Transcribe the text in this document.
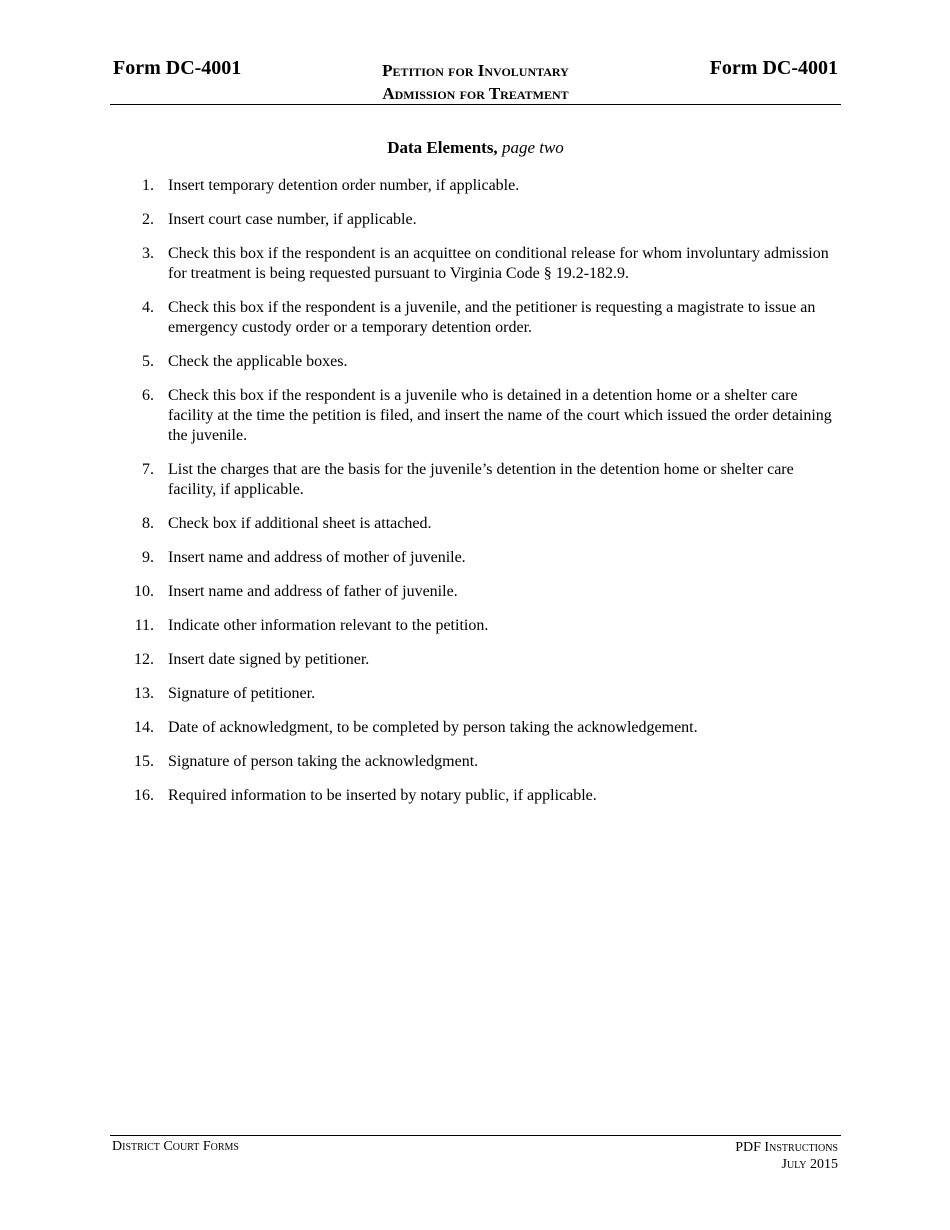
Form DC-4001	Petition for Involuntary
Admission for Treatment
Form DC-4001
Data Elements, page two
1. Insert temporary detention order number, if applicable.
2. Insert court case number, if applicable.
3. Check this box if the respondent is an acquittee on conditional release for whom involuntary admission for treatment is being requested pursuant to Virginia Code § 19.2-182.9.
4. Check this box if the respondent is a juvenile, and the petitioner is requesting a magistrate to issue an emergency custody order or a temporary detention order.
5. Check the applicable boxes.
6. Check this box if the respondent is a juvenile who is detained in a detention home or a shelter care facility at the time the petition is filed, and insert the name of the court which issued the order detaining the juvenile.
7. List the charges that are the basis for the juvenile’s detention in the detention home or shelter care facility, if applicable.
8. Check box if additional sheet is attached.
9. Insert name and address of mother of juvenile.
10. Insert name and address of father of juvenile.
11. Indicate other information relevant to the petition.
12. Insert date signed by petitioner.
13. Signature of petitioner.
14. Date of acknowledgment, to be completed by person taking the acknowledgement.
15. Signature of person taking the acknowledgment.
16. Required information to be inserted by notary public, if applicable.
District Court Forms	PDF Instructions
July 2015
